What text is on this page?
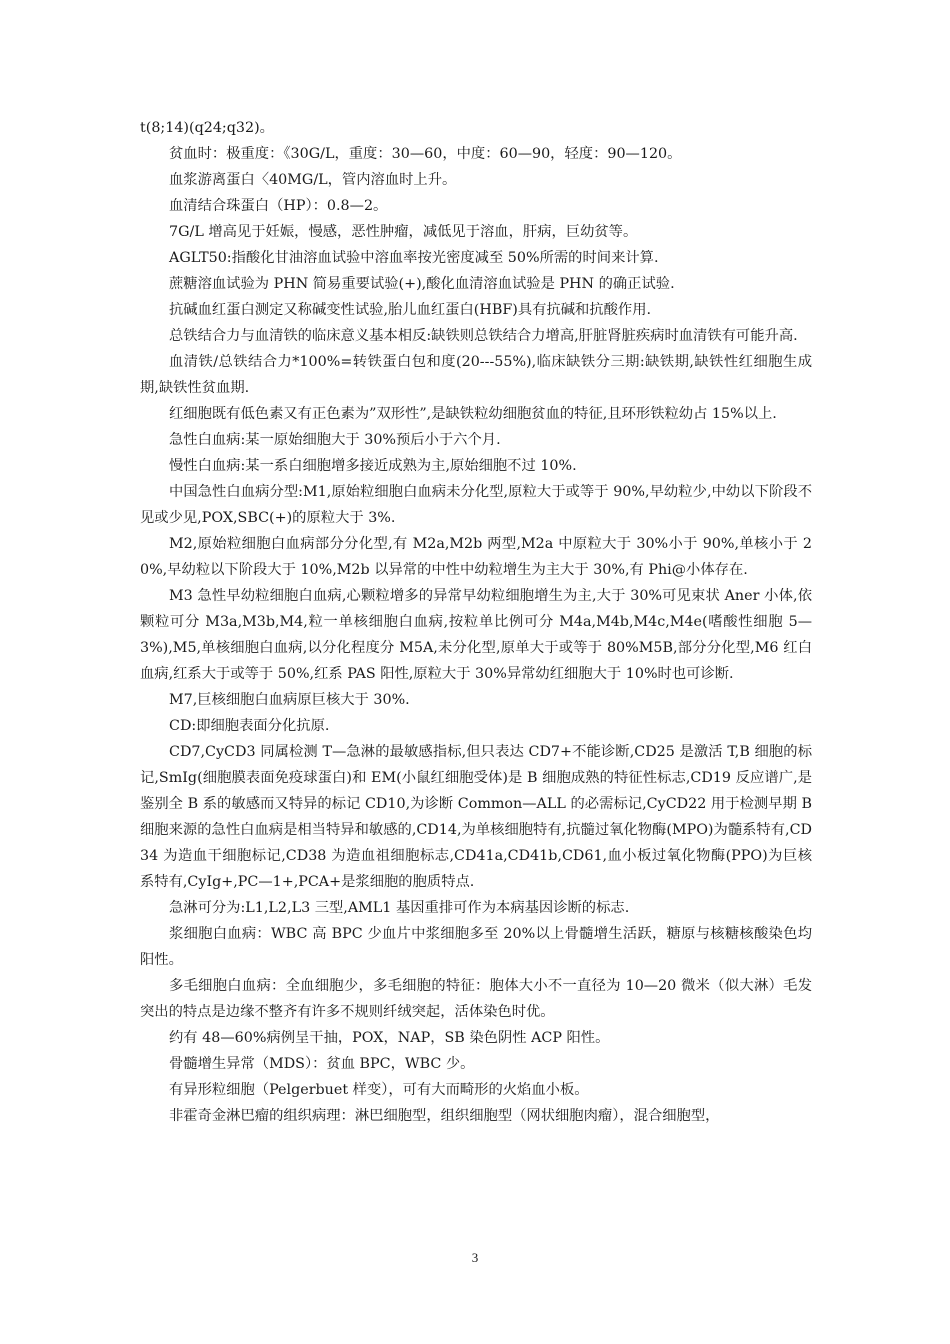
t(8;14)(q24;q32)。

贫血时：极重度：《30G/L，重度：30—60，中度：60—90，轻度：90—120。

血浆游离蛋白〈40MG/L，管内溶血时上升。

血清结合珠蛋白（HP）：0.8—2。

7G/L 增高见于妊娠，慢感，恶性肿瘤，减低见于溶血，肝病，巨幼贫等。

AGLT50:指酸化甘油溶血试验中溶血率按光密度减至 50%所需的时间来计算.

蔗糖溶血试验为 PHN 简易重要试验(+),酸化血清溶血试验是 PHN 的确正试验.

抗碱血红蛋白测定又称碱变性试验,胎儿血红蛋白(HBF)具有抗碱和抗酸作用.

总铁结合力与血清铁的临床意义基本相反:缺铁则总铁结合力增高,肝脏肾脏疾病时血清铁有可能升高.

血清铁/总铁结合力*100%=转铁蛋白包和度(20---55%),临床缺铁分三期:缺铁期,缺铁性红细胞生成期,缺铁性贫血期.

红细胞既有低色素又有正色素为”双形性”,是缺铁粒幼细胞贫血的特征,且环形铁粒幼占 15%以上.

急性白血病:某一原始细胞大于 30%预后小于六个月.

慢性白血病:某一系白细胞增多接近成熟为主,原始细胞不过 10%.

中国急性白血病分型:M1,原始粒细胞白血病未分化型,原粒大于或等于 90%,早幼粒少,中幼以下阶段不见或少见,POX,SBC(+)的原粒大于 3%.

M2,原始粒细胞白血病部分分化型,有 M2a,M2b 两型,M2a 中原粒大于 30%小于 90%,单核小于 20%,早幼粒以下阶段大于 10%,M2b 以异常的中性中幼粒增生为主大于 30%,有 Phi@小体存在.

M3 急性早幼粒细胞白血病,心颗粒增多的异常早幼粒细胞增生为主,大于 30%可见束状 Aner 小体,依颗粒可分 M3a,M3b,M4,粒一单核细胞白血病,按粒单比例可分 M4a,M4b,M4c,M4e(嗜酸性细胞 5—3%),M5,单核细胞白血病,以分化程度分 M5A,未分化型,原单大于或等于 80%M5B,部分分化型,M6 红白血病,红系大于或等于 50%,红系 PAS 阳性,原粒大于 30%异常幼红细胞大于 10%时也可诊断.

M7,巨核细胞白血病原巨核大于 30%.

CD:即细胞表面分化抗原.

CD7,CyCD3 同属检测 T—急淋的最敏感指标,但只表达 CD7+不能诊断,CD25 是激活 T,B 细胞的标记,SmIg(细胞膜表面免疫球蛋白)和 EM(小鼠红细胞受体)是 B 细胞成熟的特征性标志,CD19 反应谱广,是鉴别全 B 系的敏感而又特异的标记 CD10,为诊断 Common—ALL 的必需标记,CyCD22 用于检测早期 B 细胞来源的急性白血病是相当特异和敏感的,CD14,为单核细胞特有,抗髓过氧化物酶(MPO)为髓系特有,CD34 为造血干细胞标记,CD38 为造血祖细胞标志,CD41a,CD41b,CD61,血小板过氧化物酶(PPO)为巨核系特有,CyIg+,PC—1+,PCA+是浆细胞的胞质特点.

急淋可分为:L1,L2,L3 三型,AML1 基因重排可作为本病基因诊断的标志.

浆细胞白血病：WBC 高 BPC 少血片中浆细胞多至 20%以上骨髓增生活跃，糖原与核糖核酸染色均阳性。

多毛细胞白血病：全血细胞少，多毛细胞的特征：胞体大小不一直径为 10—20 微米（似大淋）毛发突出的特点是边缘不整齐有许多不规则纤绒突起，活体染色时优。

约有 48—60%病例呈干抽，POX，NAP，SB 染色阴性 ACP 阳性。

骨髓增生异常（MDS）：贫血 BPC，WBC 少。

有异形粒细胞（Pelgerbuet 样变），可有大而畸形的火焰血小板。

非霍奇金淋巴瘤的组织病理：淋巴细胞型，组织细胞型（网状细胞肉瘤），混合细胞型，

3
